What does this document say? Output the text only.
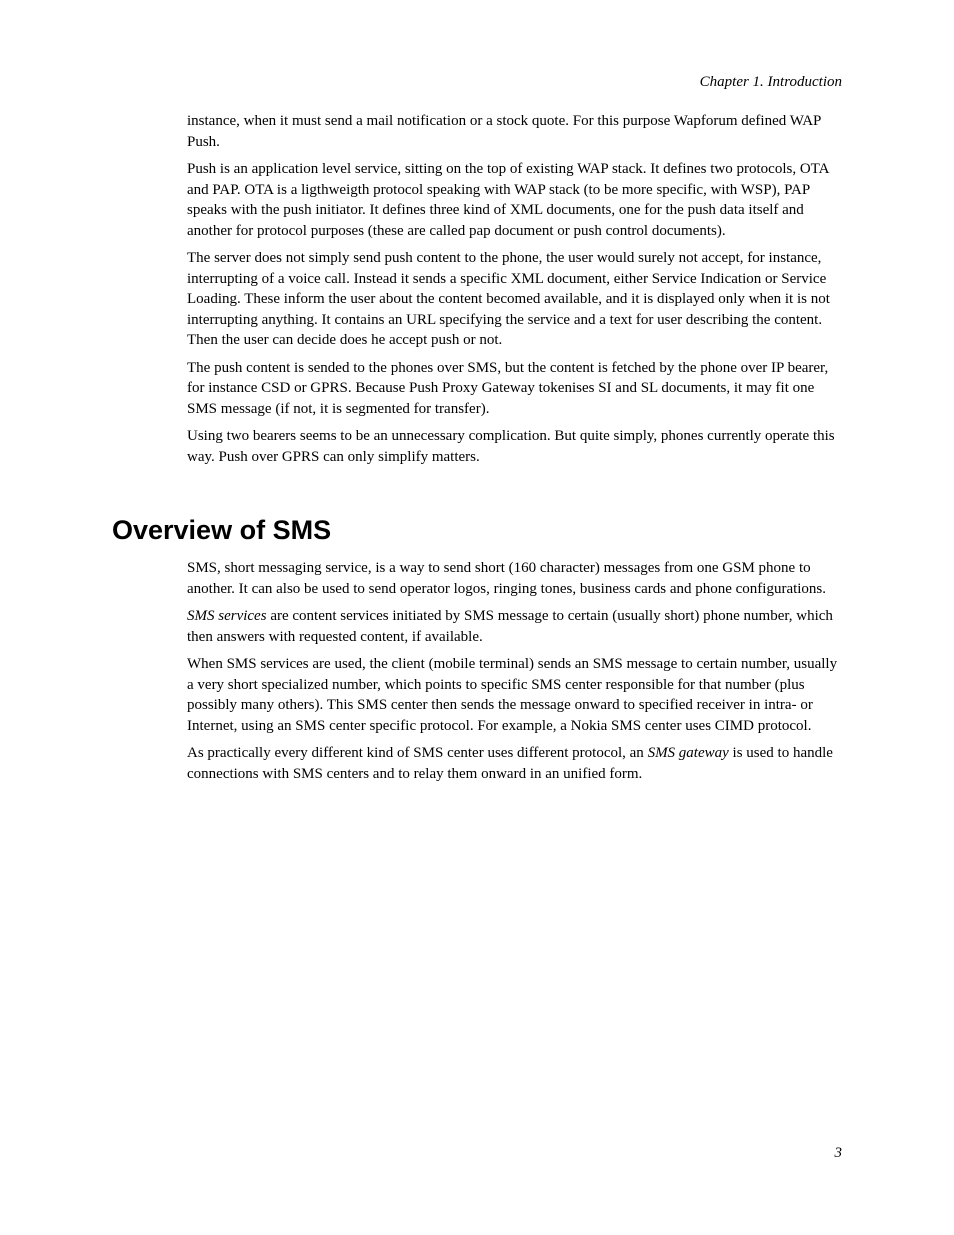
Chapter 1. Introduction

instance, when it must send a mail notification or a stock quote. For this purpose Wapforum defined WAP Push.

Push is an application level service, sitting on the top of existing WAP stack. It defines two protocols, OTA and PAP. OTA is a ligthweigth protocol speaking with WAP stack (to be more specific, with WSP), PAP speaks with the push initiator. It defines three kind of XML documents, one for the push data itself and another for protocol purposes (these are called pap document or push control documents).

The server does not simply send push content to the phone, the user would surely not accept, for instance, interrupting of a voice call. Instead it sends a specific XML document, either Service Indication or Service Loading. These inform the user about the content becomed available, and it is displayed only when it is not interrupting anything. It contains an URL specifying the service and a text for user describing the content. Then the user can decide does he accept push or not.

The push content is sended to the phones over SMS, but the content is fetched by the phone over IP bearer, for instance CSD or GPRS. Because Push Proxy Gateway tokenises SI and SL documents, it may fit one SMS message (if not, it is segmented for transfer).

Using two bearers seems to be an unnecessary complication. But quite simply, phones currently operate this way. Push over GPRS can only simplify matters.

Overview of SMS

SMS, short messaging service, is a way to send short (160 character) messages from one GSM phone to another. It can also be used to send operator logos, ringing tones, business cards and phone configurations.

SMS services are content services initiated by SMS message to certain (usually short) phone number, which then answers with requested content, if available.

When SMS services are used, the client (mobile terminal) sends an SMS message to certain number, usually a very short specialized number, which points to specific SMS center responsible for that number (plus possibly many others). This SMS center then sends the message onward to specified receiver in intra- or Internet, using an SMS center specific protocol. For example, a Nokia SMS center uses CIMD protocol.

As practically every different kind of SMS center uses different protocol, an SMS gateway is used to handle connections with SMS centers and to relay them onward in an unified form.

3
